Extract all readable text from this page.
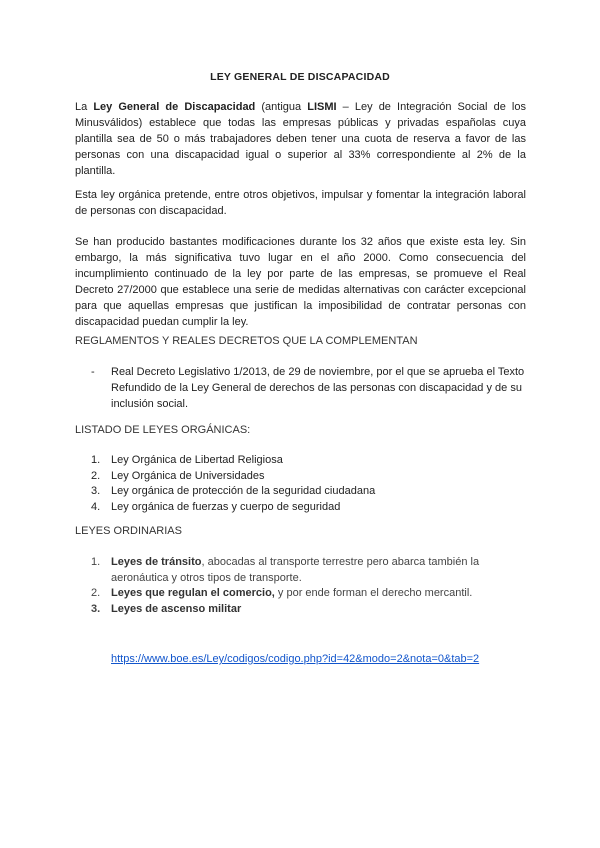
LEY GENERAL DE DISCAPACIDAD
La Ley General de Discapacidad (antigua LISMI – Ley de Integración Social de los Minusválidos) establece que todas las empresas públicas y privadas españolas cuya plantilla sea de 50 o más trabajadores deben tener una cuota de reserva a favor de las personas con una discapacidad igual o superior al 33% correspondiente al 2% de la plantilla.
Esta ley orgánica pretende, entre otros objetivos, impulsar y fomentar la integración laboral de personas con discapacidad.
Se han producido bastantes modificaciones durante los 32 años que existe esta ley. Sin embargo, la más significativa tuvo lugar en el año 2000. Como consecuencia del incumplimiento continuado de la ley por parte de las empresas, se promueve el Real Decreto 27/2000 que establece una serie de medidas alternativas con carácter excepcional para que aquellas empresas que justifican la imposibilidad de contratar personas con discapacidad puedan cumplir la ley.
REGLAMENTOS Y REALES DECRETOS QUE LA COMPLEMENTAN
- Real Decreto Legislativo 1/2013, de 29 de noviembre, por el que se aprueba el Texto Refundido de la Ley General de derechos de las personas con discapacidad y de su inclusión social.
LISTADO DE LEYES ORGÁNICAS:
1. Ley Orgánica de Libertad Religiosa
2. Ley Orgánica de Universidades
3. Ley orgánica de protección de la seguridad ciudadana
4. Ley orgánica de fuerzas y cuerpo de seguridad
LEYES ORDINARIAS
1. Leyes de tránsito, abocadas al transporte terrestre pero abarca también la aeronáutica y otros tipos de transporte.
2. Leyes que regulan el comercio, y por ende forman el derecho mercantil.
3. Leyes de ascenso militar
https://www.boe.es/Ley/codigos/codigo.php?id=42&modo=2&nota=0&tab=2
